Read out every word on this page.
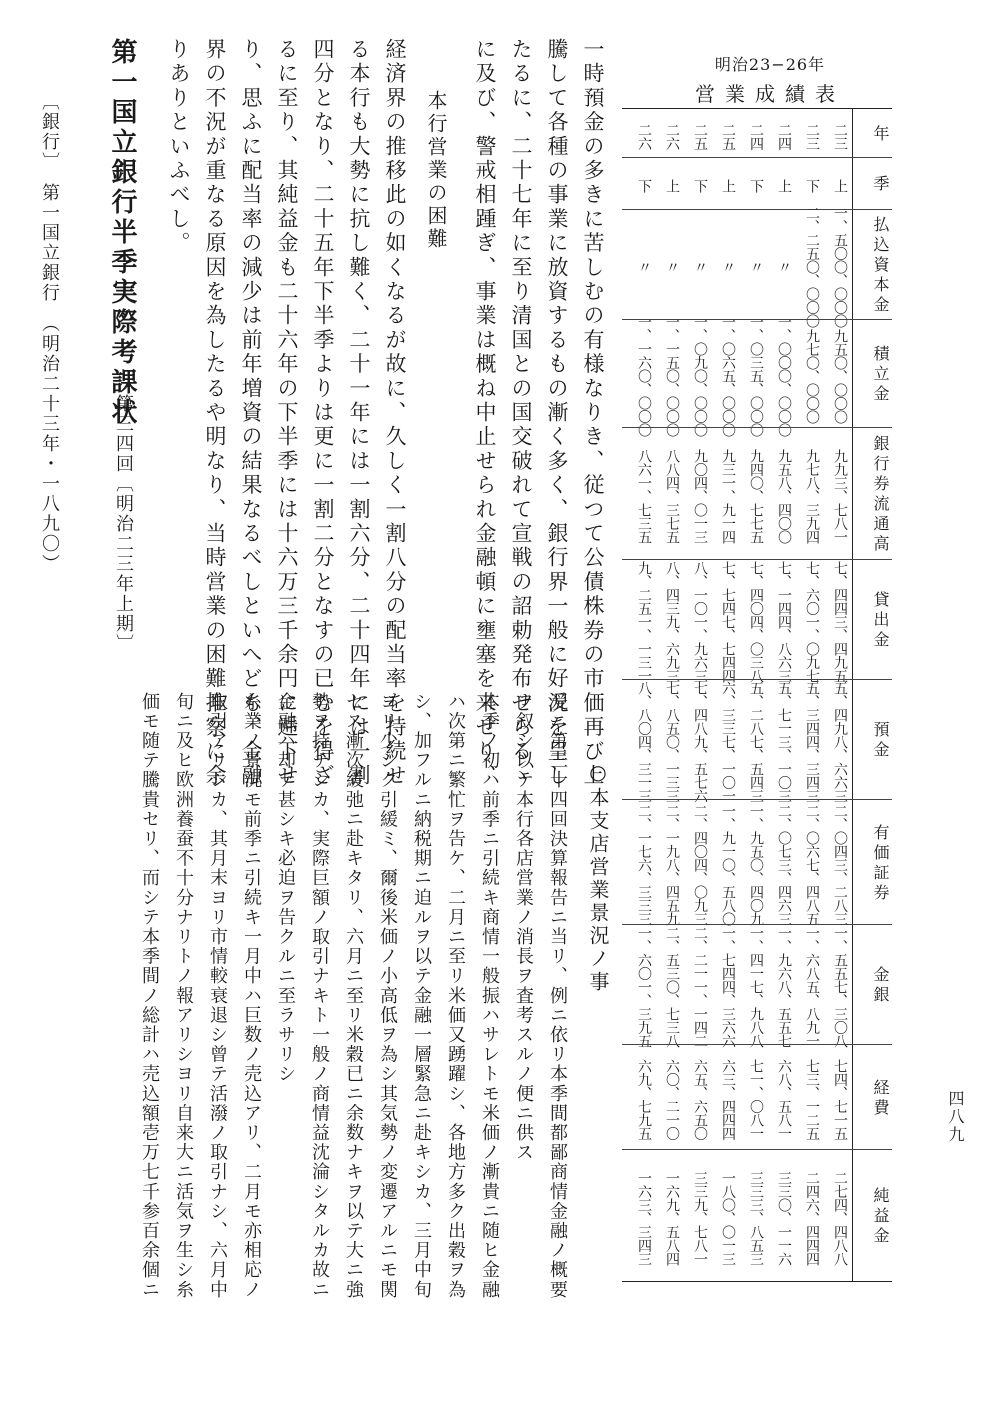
明治23−26年
営業成績表
年
二三
二三
二四
二四
二五
二五
二六
二六
季
上
下
上
下
上
下
上
下
払込資本金
一、五〇〇、〇〇〇
二、二五〇、〇〇〇
〃
〃
〃
〃
〃
〃
積立金
九五〇、〇〇〇
九七〇、〇〇〇
一、〇〇〇、〇〇〇
一、〇三五、〇〇〇
一、〇六五、〇〇〇
一、〇九〇、〇〇〇
一、一五〇、〇〇〇
一、一六〇、〇〇〇
銀行券流通高
九九三、七八一
九七八、三九四
九五八、四〇〇
九四〇、七七五
九三一、九一四
九〇四、〇一三
八八四、三七五
八六一、七三五
貸出金
七、四四三、四九五
七、六〇一、〇九七
七、一四四、八六三
七、四〇四、〇三八
七、七四七、七四四
八、一〇一、九六三
八、四三九、六九三
九、二五一、一三一
預金
五、四九八、六六三
五、三四四、三四三
五、七一三、一〇三
五、二八七、五四三
六、三三七、一〇一
七、四八九、五七六
七、八五〇、一三三
八、八〇四、三一三
有価証券
二、〇四三、二八三
二、〇六七、四八五
二、〇七三、四六三
一、九五〇、四〇九
一、九一〇、五八〇
二、四〇四、〇九三
二、一九八、四五九
二、一七六、三三三
金銀
一、五五七、三〇八
一、六八五、八九一
一、九六八、五五七
一、四一七、九八八
一、七四四、三六六
二、二一一、一四二
二、五三〇、七三八
一、六〇一、三九五
経費
七四、七一五
七三、一二五
六八、五八一
七一、〇八一
六三、四四四
六五、六五〇
六〇、二一〇
六九、七九五
純益金
二七四、四八八
二四六、四四四
三三〇、一一六
三三三、八五三
一八〇、〇一三
三三九、七八一
一六九、五八四
一六三、三四三
一時預金の多きに苦しむの有様なりき、従つて公債株券の市価再び上
騰して各種の事業に放資するもの漸く多く、銀行界一般に好況を呈し
たるに、二十七年に至り清国との国交破れて宣戦の詔勅発布せらるゝ
に及び、警戒相踵ぎ、事業は概ね中止せられ金融頓に壅塞を来せり、
本行営業の困難
経済界の推移此の如くなるが故に、久しく一割八分の配当率を持続せ
る本行も大勢に抗し難く、二十一年には一割六分、二十四年には一割
四分となり、二十五年下半季よりは更に一割二分となすの已むを得ざ
るに至り、其純益金も二十六年の下半季には十六万三千余円に逓下せ
り、思ふに配当率の減少は前年増資の結果なるべしといへども、金融
界の不況が重なる原因を為したるや明なり、当時営業の困難推察に余
りありといふべし。
第一国立銀行半季実際考課状
第三四回〔明治二三年上期〕
〔銀行〕　第一国立銀行　（明治二十三年・一八九〇）
○本支店営業景況ノ事
爰ニ第三十四回決算報告ニ当リ、例ニ依リ本季間都鄙商情金融ノ概要
ヲ叙シ以テ本行各店営業ノ消長ヲ査考スルノ便ニ供ス
本季ノ初ハ前季ニ引続キ商情一般振ハサレトモ米価ノ漸貴ニ随ヒ金融
ハ次第ニ繁忙ヲ告ケ、二月ニ至リ米価又踴躍シ、各地方多ク出穀ヲ為
シ、加フルニ納税期ニ迫ルヲ以テ金融一層緊急ニ赴キシカ、三月中旬
ヨリ少シク引緩ミ、爾後米価ノ小高低ヲ為シ其気勢ノ変遷アルニモ関
セス漸次緩弛ニ赴キタリ、六月ニ至リ米穀已ニ余数ナキヲ以テ大ニ強
勢ヲ持チシカ、実際巨額ノ取引ナキト一般ノ商情益沈淪シタルカ故ニ
金融ハ却テ甚シキ必迫ヲ告クルニ至ラサリシ
糸業ノ景況モ前季ニ引続キ一月中ハ巨数ノ売込アリ、二月モ亦相応ノ
取引アリシカ、其月末ヨリ市情較衰退シ曾テ活潑ノ取引ナシ、六月中
旬ニ及ヒ欧洲養蚕不十分ナリトノ報アリシヨリ自来大ニ活気ヲ生シ糸
価モ随テ騰貴セリ、而シテ本季間ノ総計ハ売込額壱万七千参百余個ニ	四八九
